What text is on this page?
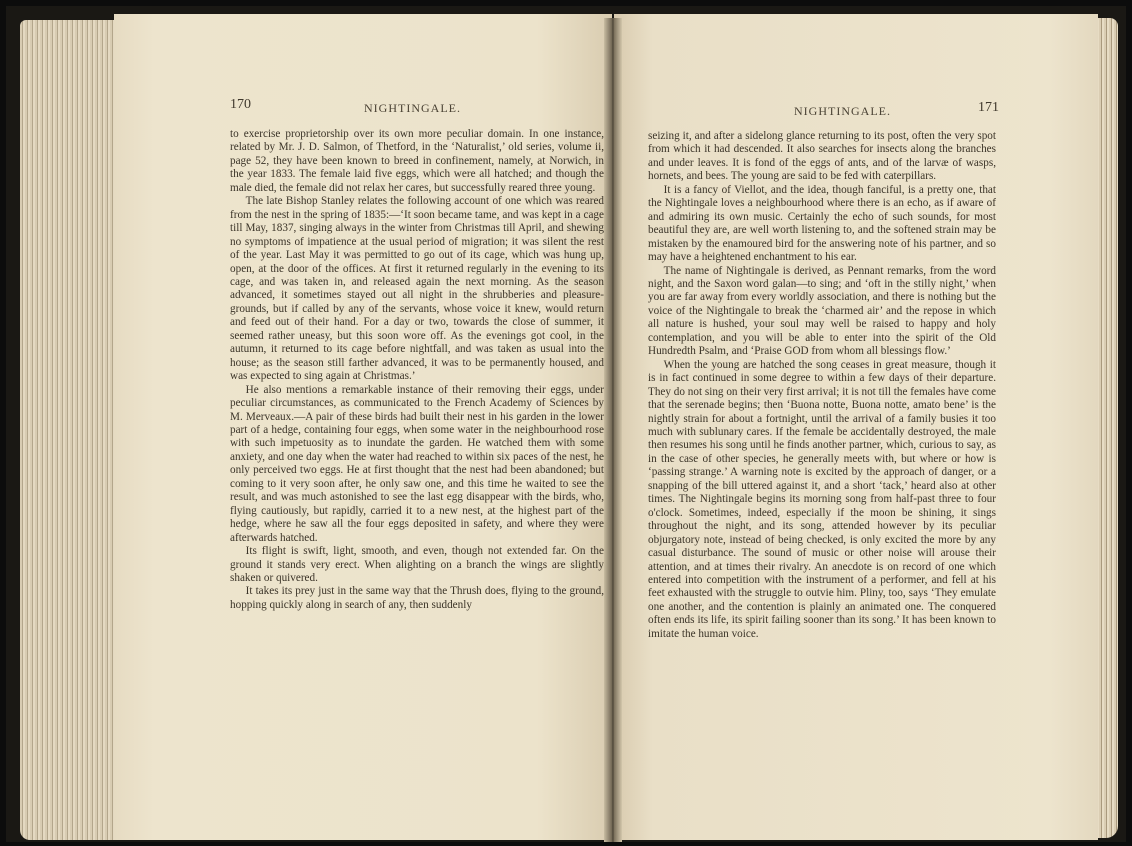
170	NIGHTINGALE.

to exercise proprietorship over its own more peculiar domain. In one instance, related by Mr. J. D. Salmon, of Thetford, in the ‘Naturalist,’ old series, volume ii, page 52, they have been known to breed in confinement, namely, at Norwich, in the year 1833. The female laid five eggs, which were all hatched; and though the male died, the female did not relax her cares, but successfully reared three young.

The late Bishop Stanley relates the following account of one which was reared from the nest in the spring of 1835:—‘It soon became tame, and was kept in a cage till May, 1837, singing always in the winter from Christmas till April, and shewing no symptoms of impatience at the usual period of migration; it was silent the rest of the year. Last May it was permitted to go out of its cage, which was hung up, open, at the door of the offices. At first it returned regularly in the evening to its cage, and was taken in, and released again the next morning. As the season advanced, it sometimes stayed out all night in the shrubberies and pleasure-grounds, but if called by any of the servants, whose voice it knew, would return and feed out of their hand. For a day or two, towards the close of summer, it seemed rather uneasy, but this soon wore off. As the evenings got cool, in the autumn, it returned to its cage before nightfall, and was taken as usual into the house; as the season still farther advanced, it was to be permanently housed, and was expected to sing again at Christmas.’

He also mentions a remarkable instance of their removing their eggs, under peculiar circumstances, as communicated to the French Academy of Sciences by M. Merveaux.—A pair of these birds had built their nest in his garden in the lower part of a hedge, containing four eggs, when some water in the neighbourhood rose with such impetuosity as to inundate the garden. He watched them with some anxiety, and one day when the water had reached to within six paces of the nest, he only perceived two eggs. He at first thought that the nest had been abandoned; but coming to it very soon after, he only saw one, and this time he waited to see the result, and was much astonished to see the last egg disappear with the birds, who, flying cautiously, but rapidly, carried it to a new nest, at the highest part of the hedge, where he saw all the four eggs deposited in safety, and where they were afterwards hatched.

Its flight is swift, light, smooth, and even, though not extended far. On the ground it stands very erect. When alighting on a branch the wings are slightly shaken or quivered.

It takes its prey just in the same way that the Thrush does, flying to the ground, hopping quickly along in search of any, then suddenly

NIGHTINGALE.	171

seizing it, and after a sidelong glance returning to its post, often the very spot from which it had descended. It also searches for insects along the branches and under leaves. It is fond of the eggs of ants, and of the larvæ of wasps, hornets, and bees. The young are said to be fed with caterpillars.

It is a fancy of Viellot, and the idea, though fanciful, is a pretty one, that the Nightingale loves a neighbourhood where there is an echo, as if aware of and admiring its own music. Certainly the echo of such sounds, for most beautiful they are, are well worth listening to, and the softened strain may be mistaken by the enamoured bird for the answering note of his partner, and so may have a heightened enchantment to his ear.

The name of Nightingale is derived, as Pennant remarks, from the word night, and the Saxon word galan—to sing; and ‘oft in the stilly night,’ when you are far away from every worldly association, and there is nothing but the voice of the Nightingale to break the ‘charmed air’ and the repose in which all nature is hushed, your soul may well be raised to happy and holy contemplation, and you will be able to enter into the spirit of the Old Hundredth Psalm, and ‘Praise GOD from whom all blessings flow.’

When the young are hatched the song ceases in great measure, though it is in fact continued in some degree to within a few days of their departure. They do not sing on their very first arrival; it is not till the females have come that the serenade begins; then ‘Buona notte, Buona notte, amato bene’ is the nightly strain for about a fortnight, until the arrival of a family busies it too much with sublunary cares. If the female be accidentally destroyed, the male then resumes his song until he finds another partner, which, curious to say, as in the case of other species, he generally meets with, but where or how is ‘passing strange.’ A warning note is excited by the approach of danger, or a snapping of the bill uttered against it, and a short ‘tack,’ heard also at other times. The Nightingale begins its morning song from half-past three to four o'clock. Sometimes, indeed, especially if the moon be shining, it sings throughout the night, and its song, attended however by its peculiar objurgatory note, instead of being checked, is only excited the more by any casual disturbance. The sound of music or other noise will arouse their attention, and at times their rivalry. An anecdote is on record of one which entered into competition with the instrument of a performer, and fell at his feet exhausted with the struggle to outvie him. Pliny, too, says ‘They emulate one another, and the contention is plainly an animated one. The conquered often ends its life, its spirit failing sooner than its song.’ It has been known to imitate the human voice.
